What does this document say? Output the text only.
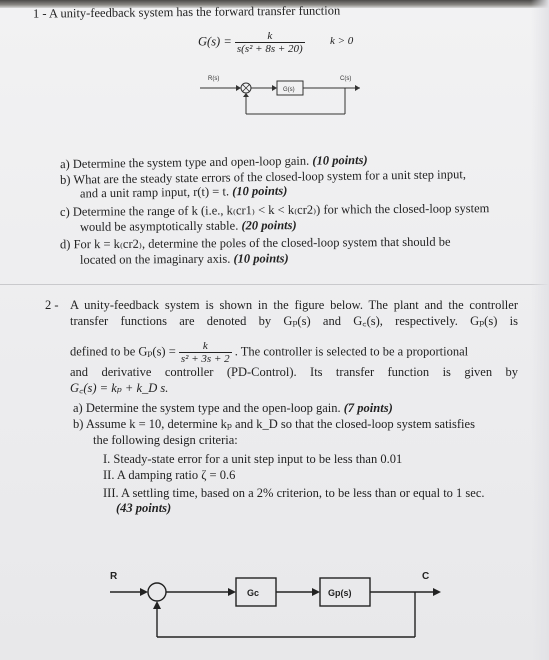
1 - A unity-feedback system has the forward transfer function
$G(s) = \frac{k}{\text{s(s² + 8s + 20)}}$ k > 0
R(s)
G(s)
C(s)
a) Determine the system type and open-loop gain. (10 points)
b) What are the steady state errors of the closed-loop system for a unit step input,
and a unit ramp input, r(t) = t. (10 points)
c) Determine the range of k (i.e., k₍cr1₎ < k < k₍cr2₎) for which the closed-loop system
would be asymptotically stable. (20 points)
d) For k = k₍cr2₎, determine the poles of the closed-loop system that should be
located on the imaginary axis. (10 points)
2 - A unity-feedback system is shown in the figure below. The plant and the controller
transfer functions are denoted by Gₚ(s) and G꜀(s), respectively. Gₚ(s) is
defined to be $G_p(s) = \frac{k}{\text{s² + 3s + 2}}$ . The controller is selected to be a proportional
and derivative controller (PD-Control). Its transfer function is given by
G꜀(s) = kₚ + k_D s.
a) Determine the system type and the open-loop gain. (7 points)
b) Assume k = 10, determine kₚ and k_D so that the closed-loop system satisfies
the following design criteria:
I. Steady-state error for a unit step input to be less than 0.01
II. A damping ratio ζ = 0.6
III. A settling time, based on a 2% criterion, to be less than or equal to 1 sec.
(43 points)
R
Gc	Gp(s)
C
